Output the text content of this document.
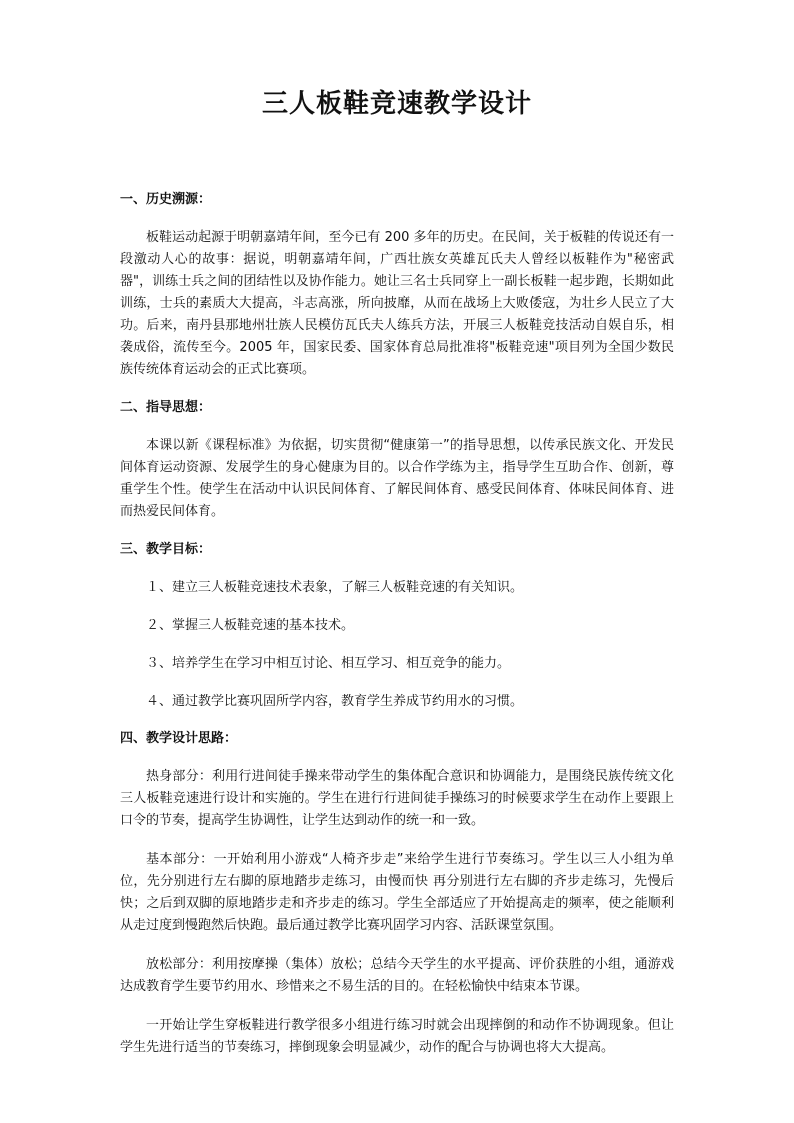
三人板鞋竞速教学设计
一、历史溯源：

板鞋运动起源于明朝嘉靖年间，至今已有 200 多年的历史。在民间，关于板鞋的传说还有一段激动人心的故事：据说，明朝嘉靖年间，广西壮族女英雄瓦氏夫人曾经以板鞋作为"秘密武器"，训练士兵之间的团结性以及协作能力。她让三名士兵同穿上一副长板鞋一起步跑，长期如此训练，士兵的素质大大提高，斗志高涨，所向披靡，从而在战场上大败倭寇，为壮乡人民立了大功。后来，南丹县那地州壮族人民模仿瓦氏夫人练兵方法，开展三人板鞋竞技活动自娱自乐，相袭成俗，流传至今。2005 年，国家民委、国家体育总局批准将"板鞋竞速"项目列为全国少数民族传统体育运动会的正式比赛项。

二、指导思想：

本课以新《课程标准》为依据，切实贯彻“健康第一”的指导思想，以传承民族文化、开发民间体育运动资源、发展学生的身心健康为目的。以合作学练为主，指导学生互助合作、创新，尊重学生个性。使学生在活动中认识民间体育、了解民间体育、感受民间体育、体味民间体育、进而热爱民间体育。

三、教学目标：

１、建立三人板鞋竞速技术表象，了解三人板鞋竞速的有关知识。

２、掌握三人板鞋竞速的基本技术。

３、培养学生在学习中相互讨论、相互学习、相互竞争的能力。

４、通过教学比赛巩固所学内容，教育学生养成节约用水的习惯。

四、教学设计思路：

热身部分：利用行进间徒手操来带动学生的集体配合意识和协调能力，是围绕民族传统文化三人板鞋竞速进行设计和实施的。学生在进行行进间徒手操练习的时候要求学生在动作上要跟上口令的节奏，提高学生协调性，让学生达到动作的统一和一致。

基本部分：一开始利用小游戏“人椅齐步走”来给学生进行节奏练习。学生以三人小组为单位，先分别进行左右脚的原地踏步走练习，由慢而快 再分别进行左右脚的齐步走练习，先慢后快；之后到双脚的原地踏步走和齐步走的练习。学生全部适应了开始提高走的频率，使之能顺利从走过度到慢跑然后快跑。最后通过教学比赛巩固学习内容、活跃课堂氛围。

放松部分：利用按摩操（集体）放松；总结今天学生的水平提高、评价获胜的小组，通游戏达成教育学生要节约用水、珍惜来之不易生活的目的。在轻松愉快中结束本节课。

一开始让学生穿板鞋进行教学很多小组进行练习时就会出现摔倒的和动作不协调现象。但让学生先进行适当的节奏练习，摔倒现象会明显减少，动作的配合与协调也将大大提高。
